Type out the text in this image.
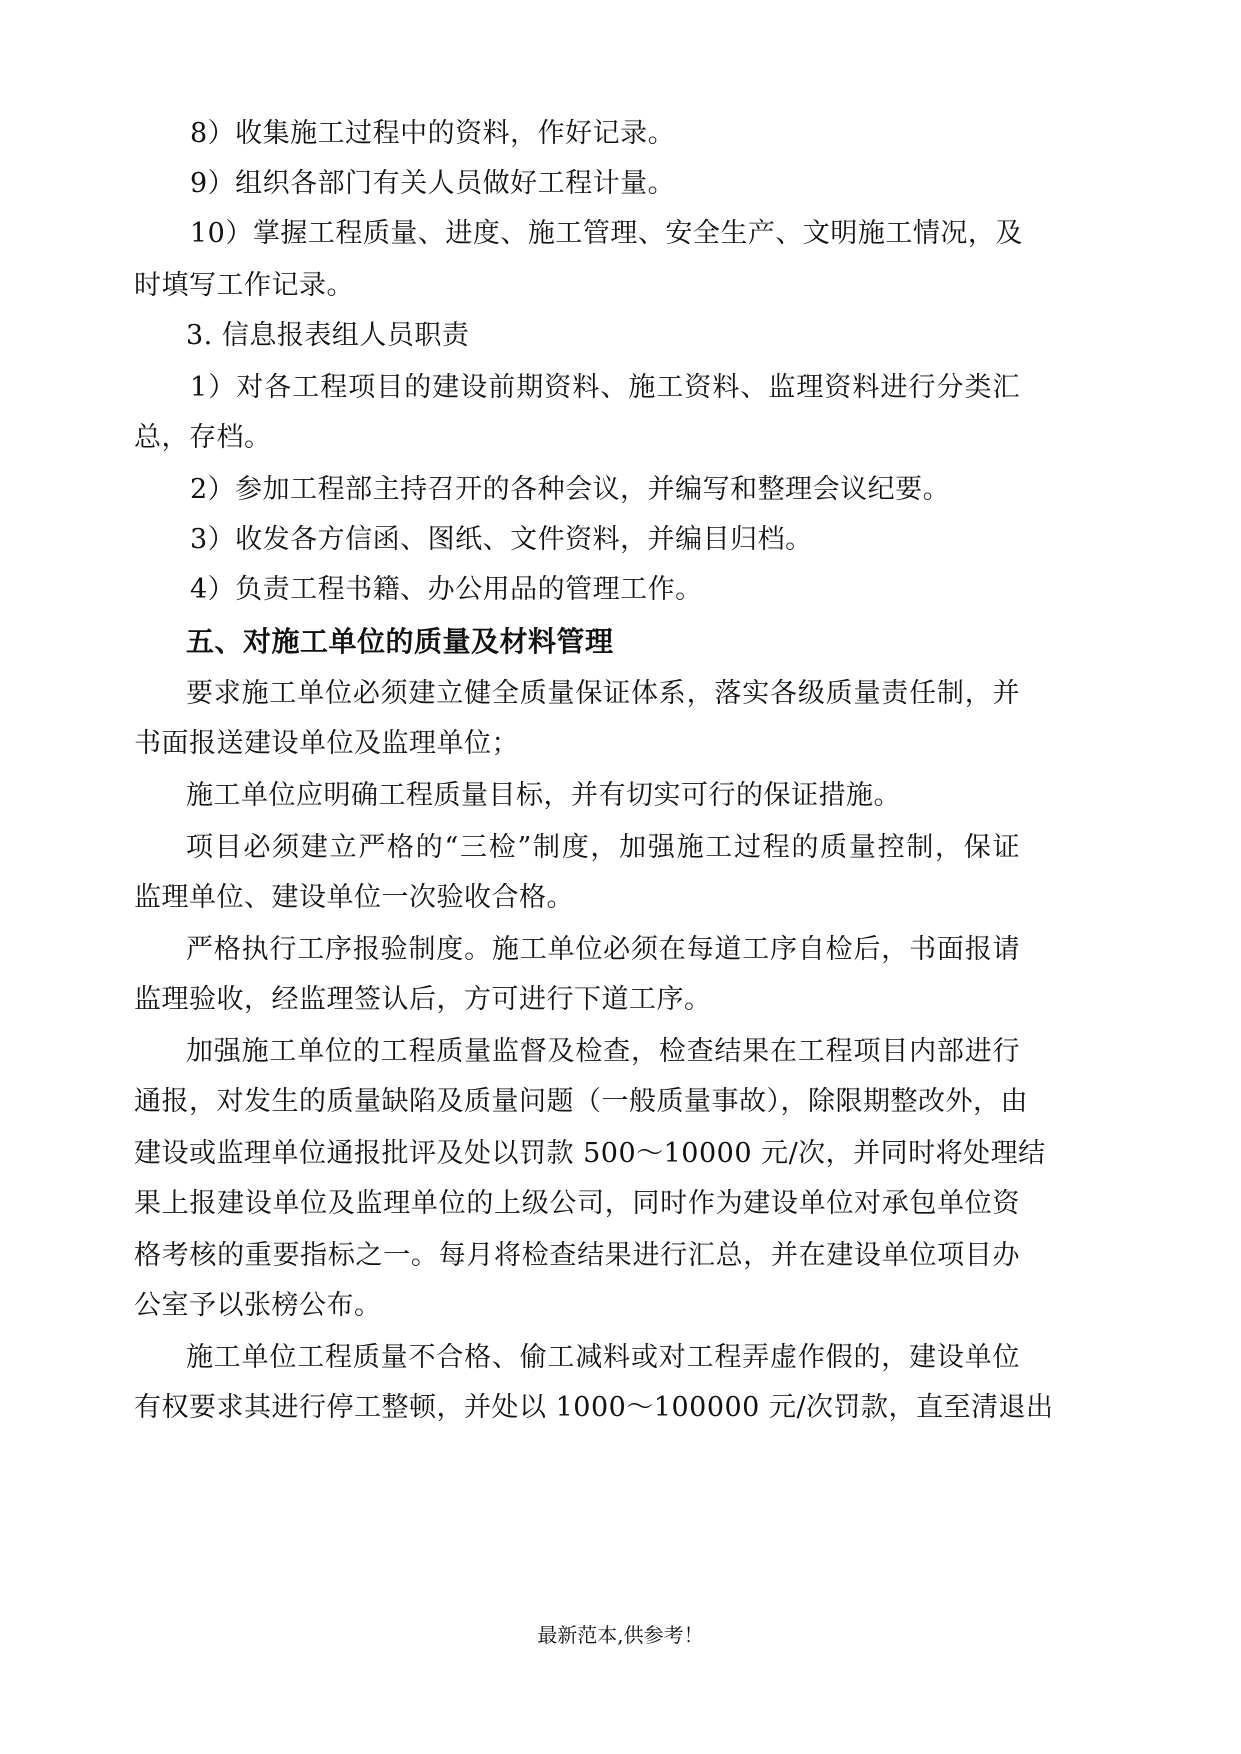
8）收集施工过程中的资料，作好记录。
9）组织各部门有关人员做好工程计量。
10）掌握工程质量、进度、施工管理、安全生产、文明施工情况，及
时填写工作记录。
3. 信息报表组人员职责
1）对各工程项目的建设前期资料、施工资料、监理资料进行分类汇
总，存档。
2）参加工程部主持召开的各种会议，并编写和整理会议纪要。
3）收发各方信函、图纸、文件资料，并编目归档。
4）负责工程书籍、办公用品的管理工作。
五、对施工单位的质量及材料管理
要求施工单位必须建立健全质量保证体系，落实各级质量责任制，并
书面报送建设单位及监理单位；
施工单位应明确工程质量目标，并有切实可行的保证措施。
项目必须建立严格的“三检”制度，加强施工过程的质量控制，保证
监理单位、建设单位一次验收合格。
严格执行工序报验制度。施工单位必须在每道工序自检后，书面报请
监理验收，经监理签认后，方可进行下道工序。
加强施工单位的工程质量监督及检查，检查结果在工程项目内部进行
通报，对发生的质量缺陷及质量问题（一般质量事故），除限期整改外，由
建设或监理单位通报批评及处以罚款 500～10000 元/次，并同时将处理结
果上报建设单位及监理单位的上级公司，同时作为建设单位对承包单位资
格考核的重要指标之一。每月将检查结果进行汇总，并在建设单位项目办
公室予以张榜公布。
施工单位工程质量不合格、偷工减料或对工程弄虚作假的，建设单位
有权要求其进行停工整顿，并处以 1000～100000 元/次罚款，直至清退出
最新范本,供参考！
